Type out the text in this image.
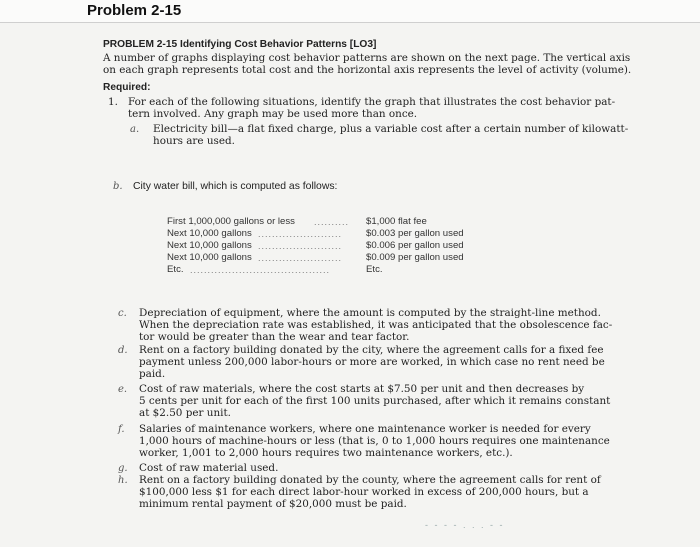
Problem 2-15
PROBLEM 2-15 Identifying Cost Behavior Patterns [LO3]
A number of graphs displaying cost behavior patterns are shown on the next page. The vertical axis
on each graph represents total cost and the horizontal axis represents the level of activity (volume).
Required:
1. For each of the following situations, identify the graph that illustrates the cost behavior pat-
tern involved. Any graph may be used more than once.
a. Electricity bill—a flat fixed charge, plus a variable cost after a certain number of kilowatt-
hours are used.
b. City water bill, which is computed as follows:
First 1,000,000 gallons or less ..........	$1,000 flat fee
Next 10,000 gallons ........................	$0.003 per gallon used
Next 10,000 gallons ........................	$0.006 per gallon used
Next 10,000 gallons ........................	$0.009 per gallon used
Etc. ........................................	Etc.
c. Depreciation of equipment, where the amount is computed by the straight-line method.
When the depreciation rate was established, it was anticipated that the obsolescence fac-
tor would be greater than the wear and tear factor.
d. Rent on a factory building donated by the city, where the agreement calls for a fixed fee
payment unless 200,000 labor-hours or more are worked, in which case no rent need be
paid.
e. Cost of raw materials, where the cost starts at $7.50 per unit and then decreases by
5 cents per unit for each of the first 100 units purchased, after which it remains constant
at $2.50 per unit.
f. Salaries of maintenance workers, where one maintenance worker is needed for every
1,000 hours of machine-hours or less (that is, 0 to 1,000 hours requires one maintenance
worker, 1,001 to 2,000 hours requires two maintenance workers, etc.).
g. Cost of raw material used.
h. Rent on a factory building donated by the county, where the agreement calls for rent of
$100,000 less $1 for each direct labor-hour worked in excess of 200,000 hours, but a
minimum rental payment of $20,000 must be paid.
- - - - . . . - -
